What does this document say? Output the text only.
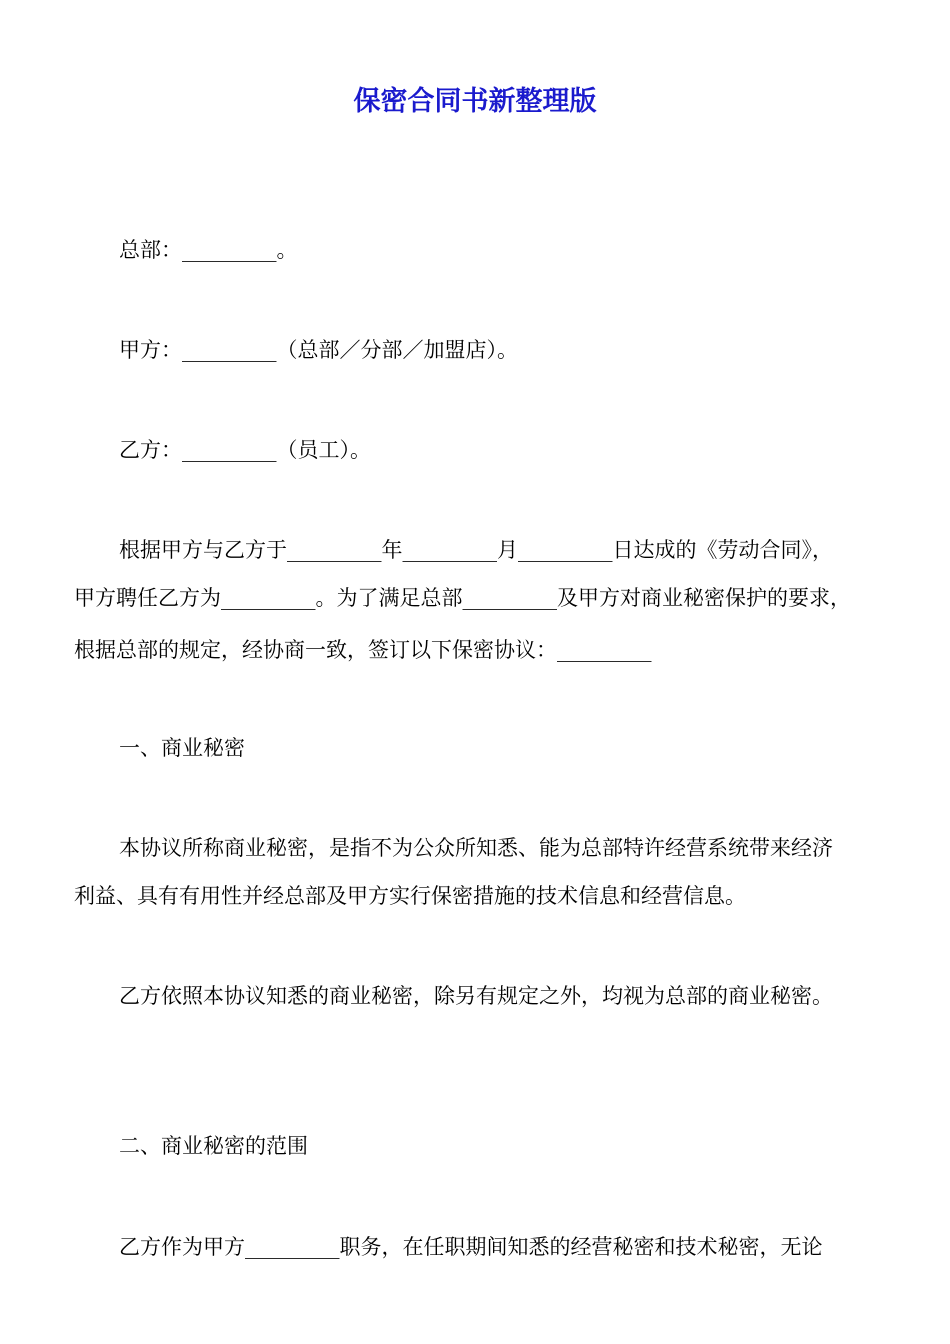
保密合同书新整理版
总部：_________。
甲方：_________（总部／分部／加盟店）。
乙方：_________（员工）。
根据甲方与乙方于_________年_________月_________日达成的《劳动合同》，
甲方聘任乙方为_________。为了满足总部_________及甲方对商业秘密保护的要求，
根据总部的规定，经协商一致，签订以下保密协议：_________
一、商业秘密
本协议所称商业秘密，是指不为公众所知悉、能为总部特许经营系统带来经济
利益、具有有用性并经总部及甲方实行保密措施的技术信息和经营信息。
乙方依照本协议知悉的商业秘密，除另有规定之外，均视为总部的商业秘密。
二、商业秘密的范围
乙方作为甲方_________职务，在任职期间知悉的经营秘密和技术秘密，无论
